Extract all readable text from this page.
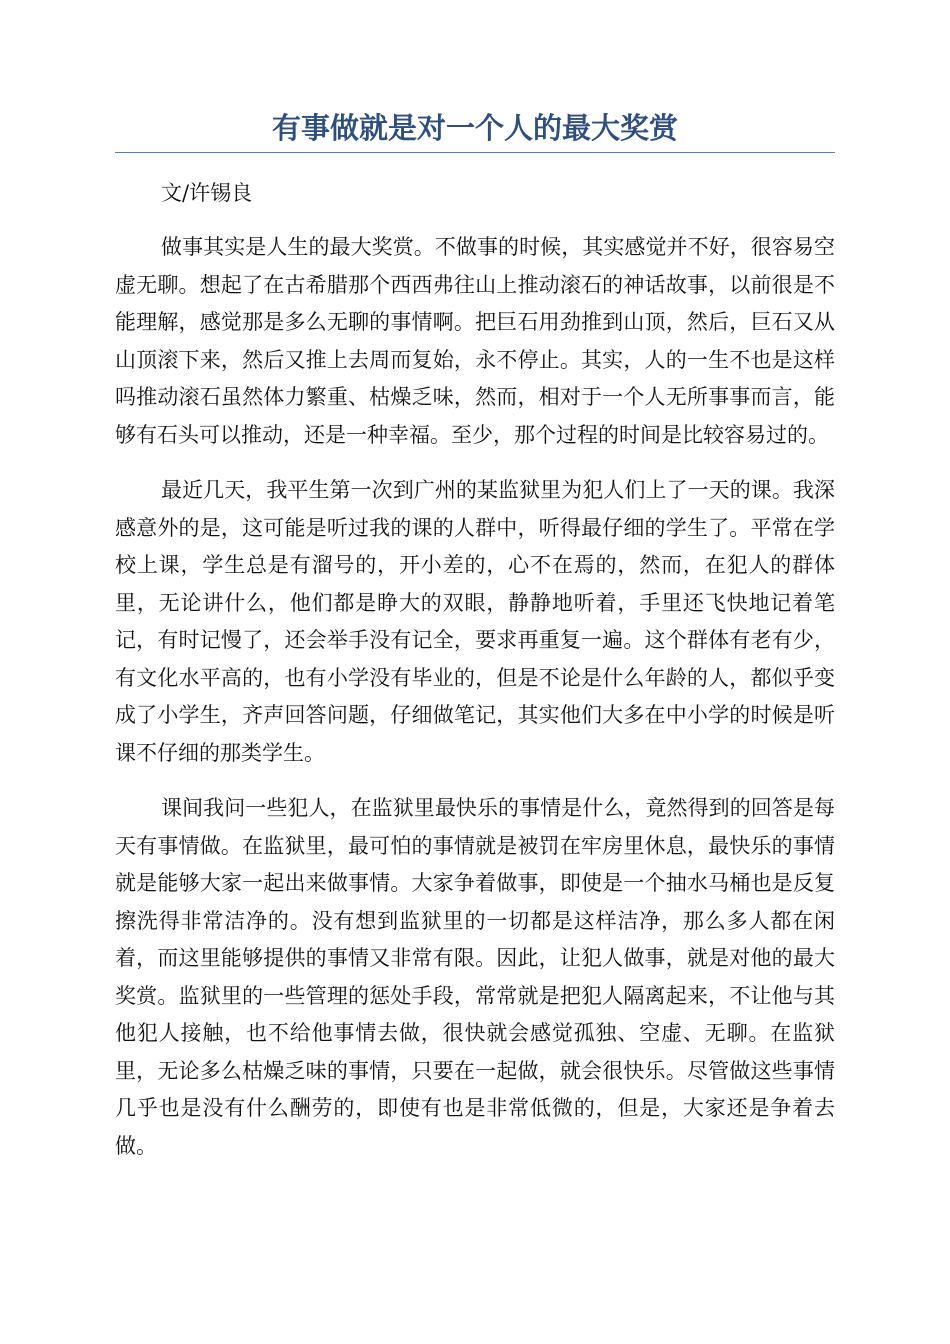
有事做就是对一个人的最大奖赏

文/许锡良

做事其实是人生的最大奖赏。不做事的时候，其实感觉并不好，很容易空虚无聊。想起了在古希腊那个西西弗往山上推动滚石的神话故事，以前很是不能理解，感觉那是多么无聊的事情啊。把巨石用劲推到山顶，然后，巨石又从山顶滚下来，然后又推上去周而复始，永不停止。其实，人的一生不也是这样吗推动滚石虽然体力繁重、枯燥乏味，然而，相对于一个人无所事事而言，能够有石头可以推动，还是一种幸福。至少，那个过程的时间是比较容易过的。

最近几天，我平生第一次到广州的某监狱里为犯人们上了一天的课。我深感意外的是，这可能是听过我的课的人群中，听得最仔细的学生了。平常在学校上课，学生总是有溜号的，开小差的，心不在焉的，然而，在犯人的群体里，无论讲什么，他们都是睁大的双眼，静静地听着，手里还飞快地记着笔记，有时记慢了，还会举手没有记全，要求再重复一遍。这个群体有老有少，有文化水平高的，也有小学没有毕业的，但是不论是什么年龄的人，都似乎变成了小学生，齐声回答问题，仔细做笔记，其实他们大多在中小学的时候是听课不仔细的那类学生。

课间我问一些犯人，在监狱里最快乐的事情是什么，竟然得到的回答是每天有事情做。在监狱里，最可怕的事情就是被罚在牢房里休息，最快乐的事情就是能够大家一起出来做事情。大家争着做事，即使是一个抽水马桶也是反复擦洗得非常洁净的。没有想到监狱里的一切都是这样洁净，那么多人都在闲着，而这里能够提供的事情又非常有限。因此，让犯人做事，就是对他的最大奖赏。监狱里的一些管理的惩处手段，常常就是把犯人隔离起来，不让他与其他犯人接触，也不给他事情去做，很快就会感觉孤独、空虚、无聊。在监狱里，无论多么枯燥乏味的事情，只要在一起做，就会很快乐。尽管做这些事情几乎也是没有什么酬劳的，即使有也是非常低微的，但是，大家还是争着去做。
